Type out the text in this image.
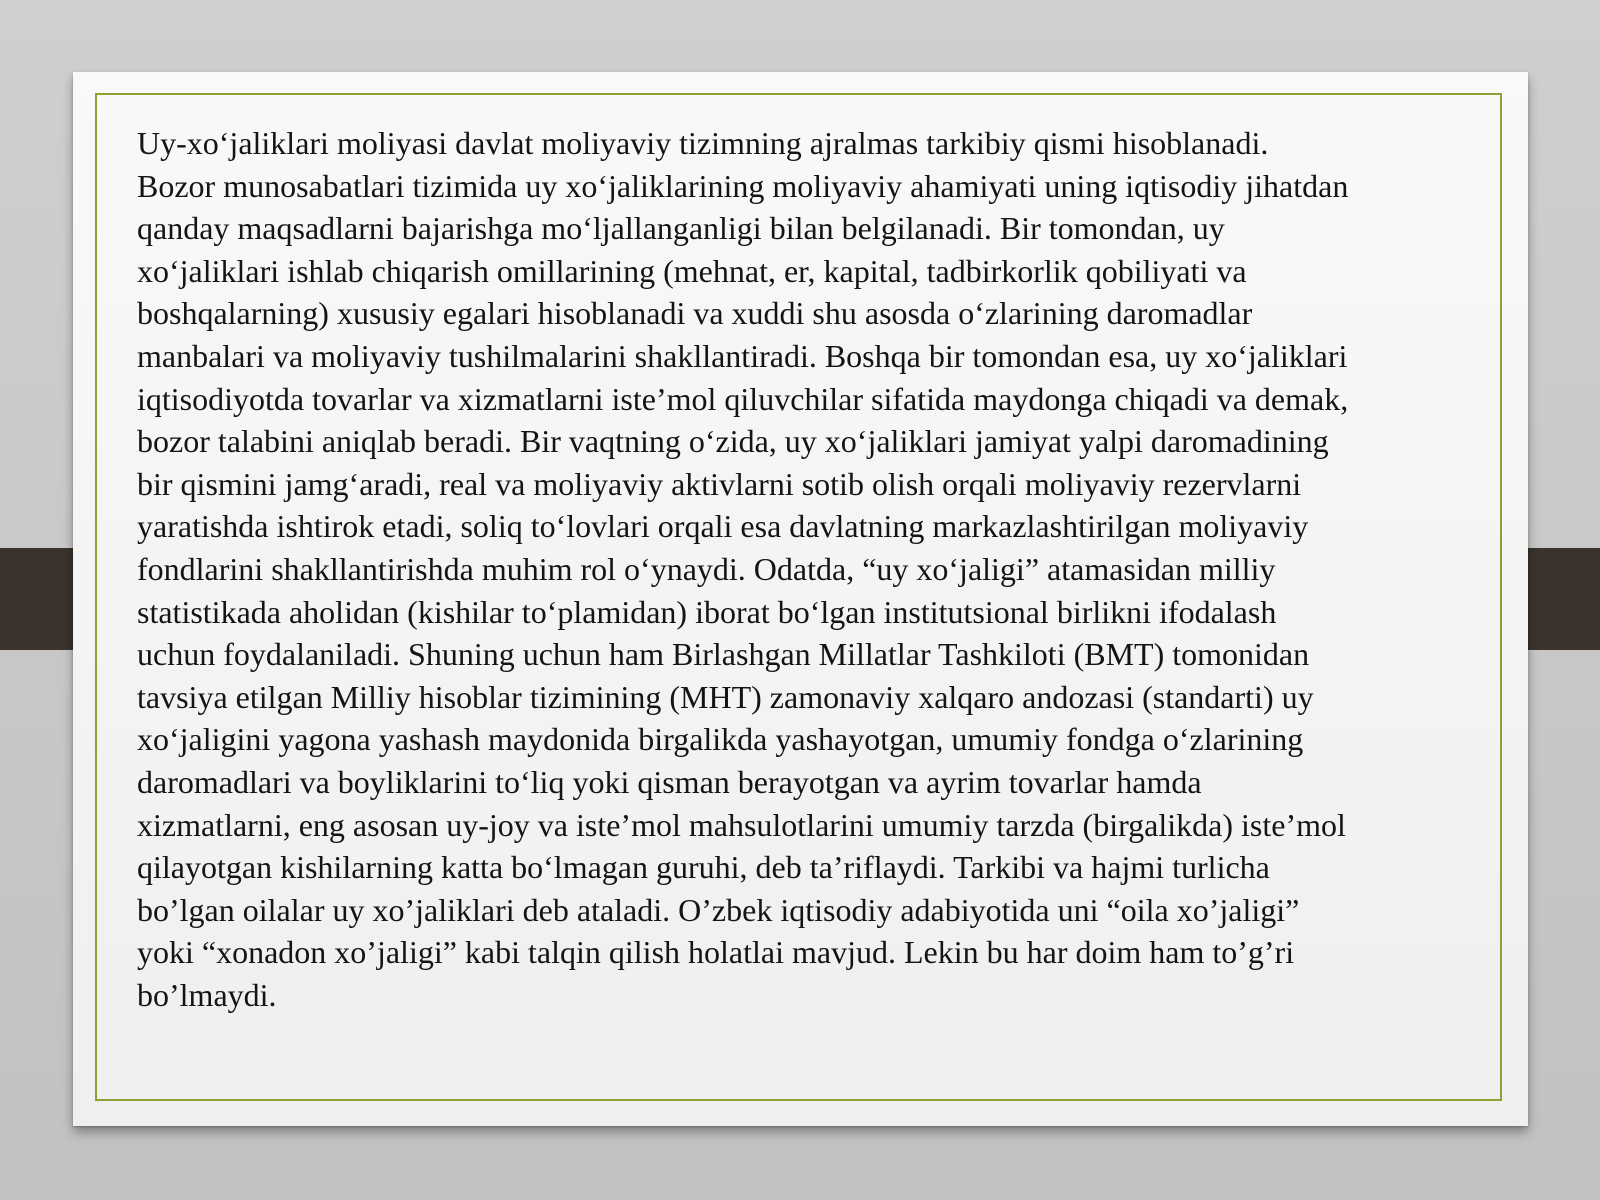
Uy-xo‘jaliklari moliyasi davlat moliyaviy tizimning ajralmas tarkibiy qismi hisoblanadi.
Bozor munosabatlari tizimida uy xo‘jaliklarining moliyaviy ahamiyati uning iqtisodiy jihatdan
qanday maqsadlarni bajarishga mo‘ljallanganligi bilan belgilanadi. Bir tomondan, uy
xo‘jaliklari ishlab chiqarish omillarining (mehnat, er, kapital, tadbirkorlik qobiliyati va
boshqalarning) xususiy egalari hisoblanadi va xuddi shu asosda o‘zlarining daromadlar
manbalari va moliyaviy tushilmalarini shakllantiradi. Boshqa bir tomondan esa, uy xo‘jaliklari
iqtisodiyotda tovarlar va xizmatlarni iste’mol qiluvchilar sifatida maydonga chiqadi va demak,
bozor talabini aniqlab beradi. Bir vaqtning o‘zida, uy xo‘jaliklari jamiyat yalpi daromadining
bir qismini jamg‘aradi, real va moliyaviy aktivlarni sotib olish orqali moliyaviy rezervlarni
yaratishda ishtirok etadi, soliq to‘lovlari orqali esa davlatning markazlashtirilgan moliyaviy
fondlarini shakllantirishda muhim rol o‘ynaydi. Odatda, “uy xo‘jaligi” atamasidan milliy
statistikada aholidan (kishilar to‘plamidan) iborat bo‘lgan institutsional birlikni ifodalash
uchun foydalaniladi. Shuning uchun ham Birlashgan Millatlar Tashkiloti (BMT) tomonidan
tavsiya etilgan Milliy hisoblar tizimining (MHT) zamonaviy xalqaro andozasi (standarti) uy
xo‘jaligini yagona yashash maydonida birgalikda yashayotgan, umumiy fondga o‘zlarining
daromadlari va boyliklarini to‘liq yoki qisman berayotgan va ayrim tovarlar hamda
xizmatlarni, eng asosan uy-joy va iste’mol mahsulotlarini umumiy tarzda (birgalikda) iste’mol
qilayotgan kishilarning katta bo‘lmagan guruhi, deb ta’riflaydi. Tarkibi va hajmi turlicha
bo’lgan oilalar uy xo’jaliklari deb ataladi. O’zbek iqtisodiy adabiyotida uni “oila xo’jaligi”
yoki “xonadon xo’jaligi” kabi talqin qilish holatlai mavjud. Lekin bu har doim ham to’g’ri
bo’lmaydi.
